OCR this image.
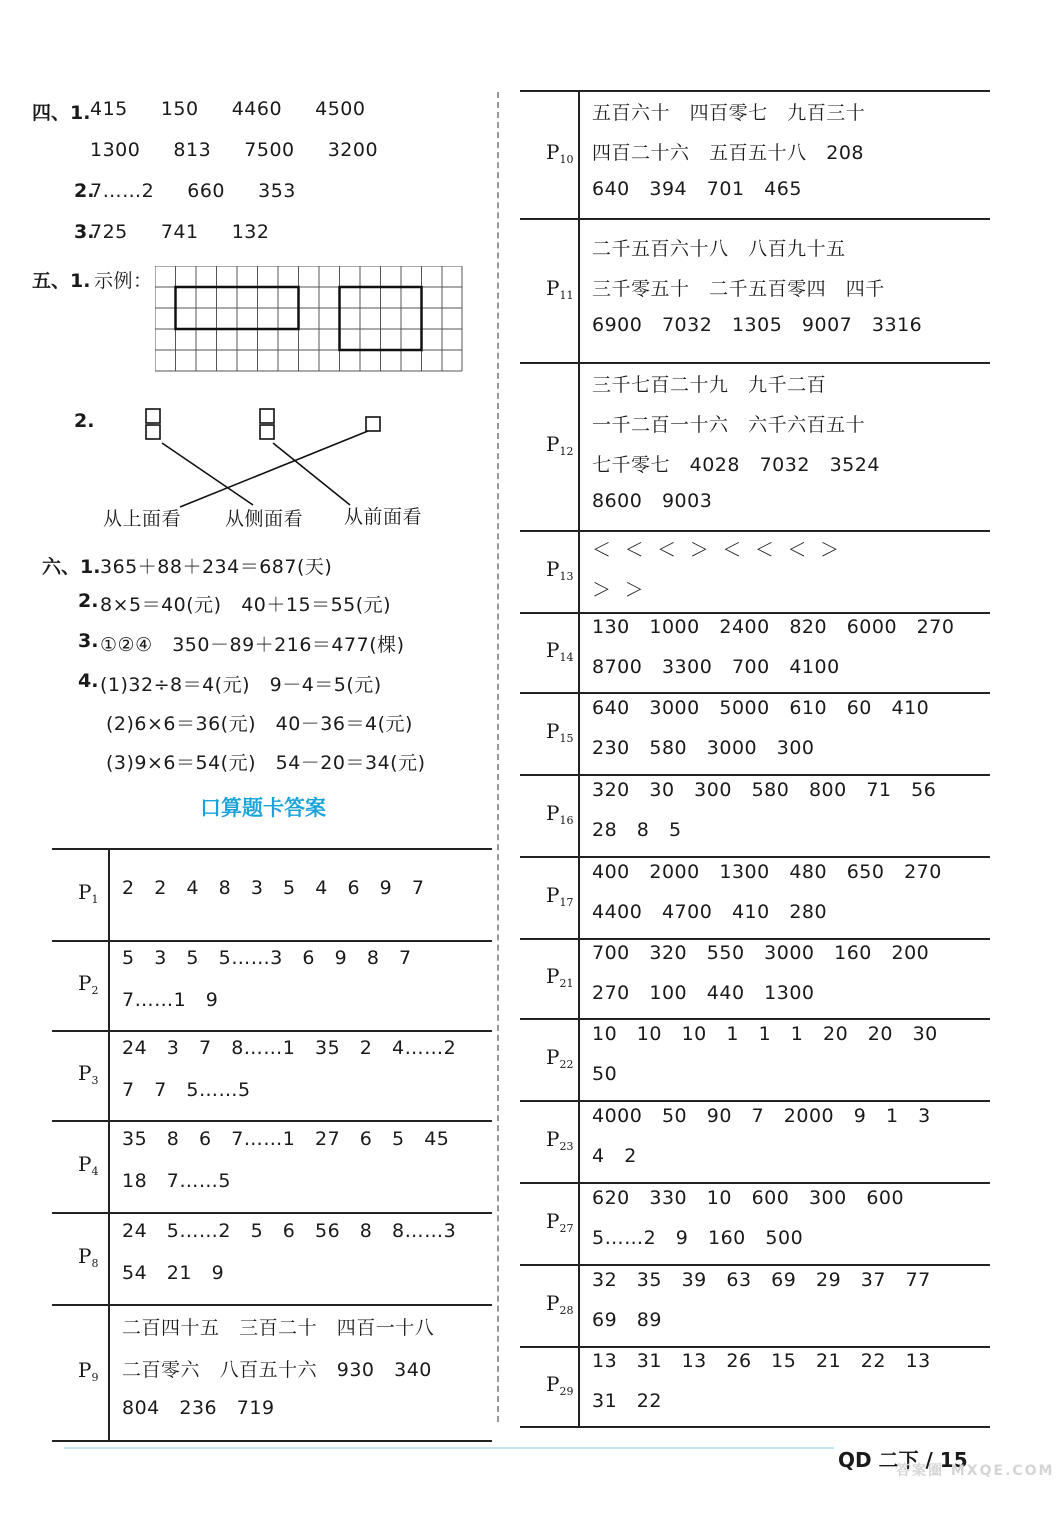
四、1. 415  150  4460  4500
1300  813  7500  3200
2.
7……2  660  353
3.
725  741  132
五、1. 示例：
2.
从上面看 从侧面看 从前面看
六、1. 365＋88＋234＝687(天)
2. 8×5＝40(元)   40＋15＝55(元)
3. ①②④   350－89＋216＝477(棵)
4. (1)32÷8＝4(元)   9－4＝5(元)
(2)6×6＝36(元)   40－36＝4(元)
(3)9×6＝54(元)   54－20＝34(元)
口算题卡答案
$P_1$
2   2   4   8   3   5   4   6   9   7
$P_2$
5   3   5   5……3   6   9   8   7
7……1   9
$P_3$
24   3   7   8……1   35   2   4……2
7   7   5……5
$P_4$
35   8   6   7……1   27   6   5   45
18   7……5
$P_8$
24   5……2   5   6   56   8   8……3
54   21   9
$P_9$
二百四十五   三百二十   四百一十八
二百零六   八百五十六   930   340
804   236   719
$P_{10}$
五百六十   四百零七   九百三十
四百二十六   五百五十八   208
640   394   701   465
$P_{11}$
二千五百六十八   八百九十五
三千零五十   二千五百零四   四千
6900   7032   1305   9007   3316
$P_{12}$
三千七百二十九   九千二百
一千二百一十六   六千六百五十
七千零七   4028   7032   3524
8600   9003
$P_{13}$
＜  ＜  ＜  ＞  ＜  ＜  ＜  ＞
＞  ＞
$P_{14}$
130   1000   2400   820   6000   270
8700   3300   700   4100
$P_{15}$
640   3000   5000   610   60   410
230   580   3000   300
$P_{16}$
320   30   300   580   800   71   56
28   8   5
$P_{17}$
400   2000   1300   480   650   270
4400   4700   410   280
$P_{21}$
700   320   550   3000   160   200
270   100   440   1300
$P_{22}$
10   10   10   1   1   1   20   20   30
50
$P_{23}$
4000   50   90   7   2000   9   1   3
4   2
$P_{27}$
620   330   10   600   300   600
5……2   9   160   500
$P_{28}$
32   35   39   63   69   29   37   77
69   89
$P_{29}$
13   31   13   26   15   21   22   13
31   22
QD 二下 / 15
答案圈 MXQE.COM
